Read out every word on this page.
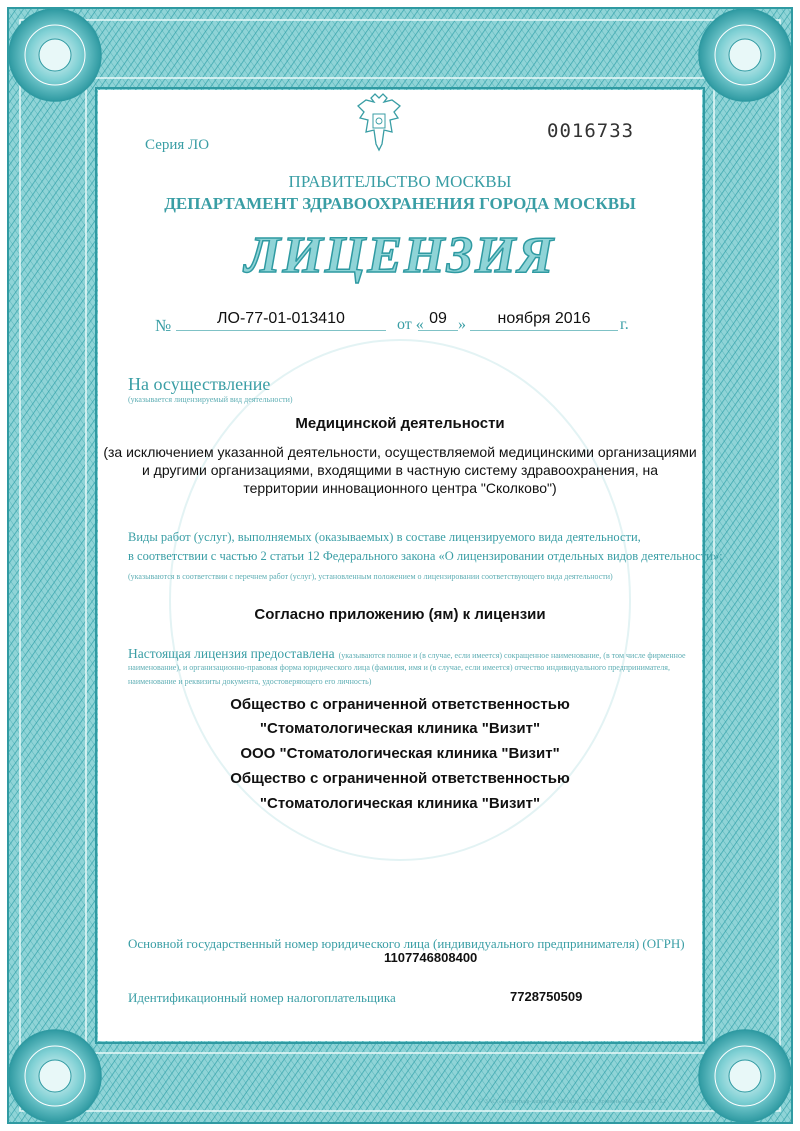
Серия ЛО
0016733
ПРАВИТЕЛЬСТВО МОСКВЫ
ДЕПАРТАМЕНТ ЗДРАВООХРАНЕНИЯ ГОРОДА МОСКВЫ
ЛИЦЕНЗИЯ
№	ЛО-77-01-013410	от « 09 »	ноября 2016	г.
На осуществление
(указывается лицензируемый вид деятельности)
Медицинской деятельности
(за исключением указанной деятельности, осуществляемой медицинскими организациями
и другими организациями, входящими в частную систему здравоохранения, на
территории инновационного центра "Сколково")
Виды работ (услуг), выполняемых (оказываемых) в составе лицензируемого вида деятельности,
в соответствии с частью 2 статьи 12 Федерального закона «О лицензировании отдельных видов деятельности»:
(указываются в соответствии с перечнем работ (услуг), установленным положением о лицензировании соответствующего вида деятельности)
Согласно приложению (ям) к лицензии
Настоящая лицензия предоставлена (указываются полное и (в случае, если имеется) сокращенное наименование, (в том числе фирменное
наименование), и организационно-правовая форма юридического лица (фамилия, имя и (в случае, если имеется) отчество индивидуального предпринимателя,
наименование и реквизиты документа, удостоверяющего его личность)
Общество с ограниченной ответственностью
"Стоматологическая клиника "Визит"
ООО "Стоматологическая клиника "Визит"
Общество с ограниченной ответственностью
"Стоматологическая клиника "Визит"
Основной государственный номер юридического лица (индивидуального предпринимателя) (ОГРН)
1107746808400
Идентификационный номер налогоплательщика	7728750509
© ЗАО «Полиграф-защита», Москва, 2012, уровень «Б», зак. 131-12
